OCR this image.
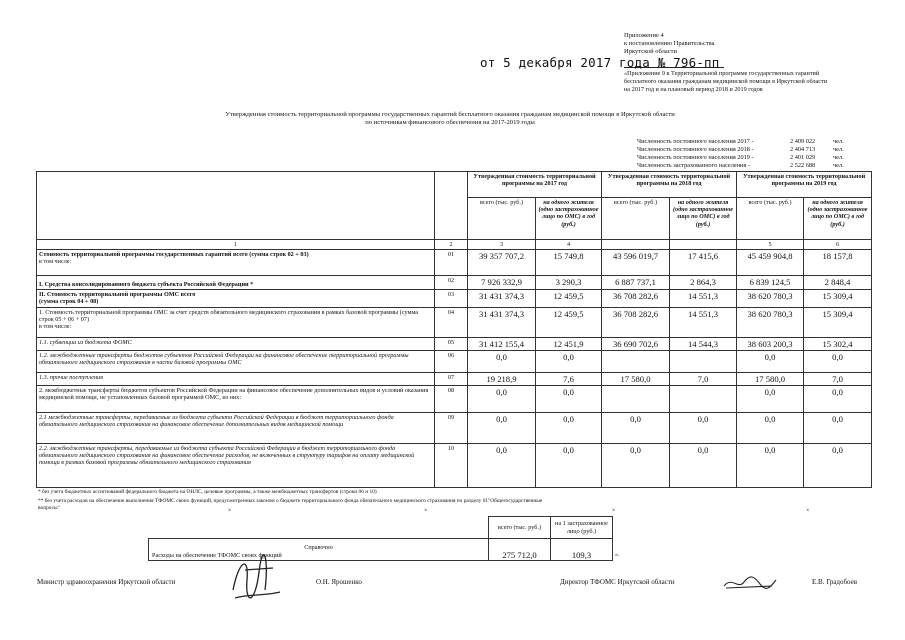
Приложение 4
к постановлению Правительства
Иркутской области
от 5 декабря 2017 года № 796-пп
«Приложение 9 к Территориальной программе государственных гарантий
бесплатного оказания гражданам медицинской помощи в Иркутской области
на 2017 год и на плановый период 2018 и 2019 годов
Утвержденная стоимость территориальной программы государственных гарантий бесплатного оказания гражданам медицинской помощи в Иркутской области
по источникам финансового обеспечения на 2017-2019 годы
Численность постоянного населения 2017 -	2 409 022	чел.
Численность постоянного населения 2018 -	2 404 713	чел.
Численность постоянного населения 2019 -	2 401 029	чел.
Численность застрахованного населения -	2 522 688	чел.
		Утвержденная стоимость территориальной программы на 2017 год		Утвержденная стоимость территориальной программы на 2018 год		Утвержденная стоимость территориальной программы на 2019 год	
		всего (тыс. руб.)	на одного жителя (одно застрахованное лицо по ОМС) в год (руб.)	всего (тыс. руб.)	на одного жителя (одно застрахованное лицо по ОМС) в год (руб.)	всего (тыс. руб.)	на одного жителя (одно застрахованное лицо по ОМС) в год (руб.)
1	2	3	4			5	6
Стоимость территориальной программы государственных гарантий всего (сумма строк 02 + 03)
в том числе:	01	39 357 707,2	15 749,8	43 596 019,7	17 415,6	45 459 904,8	18 157,8
I. Средства консолидированного бюджета субъекта Российской Федерации *	02	7 926 332,9	3 290,3	6 887 737,1	2 864,3	6 839 124,5	2 848,4
II. Стоимость территориальной программы ОМС всего
(сумма строк 04 + 08)	03	31 431 374,3	12 459,5	36 708 282,6	14 551,3	38 620 780,3	15 309,4
1. Стоимость территориальной программы ОМС за счет средств обязательного медицинского страхования в рамках базовой программы (сумма строк 05 + 06 + 07)
в том числе:	04	31 431 374,3	12 459,5	36 708 282,6	14 551,3	38 620 780,3	15 309,4
1.1. субвенции из бюджета ФОМС	05	31 412 155,4	12 451,9	36 690 702,6	14 544,3	38 603 200,3	15 302,4
1.2. межбюджетные трансферты бюджетов субъектов Российской Федерации на финансовое обеспечение территориальной программы обязательного медицинского страхования в части базовой программы ОМС	06	0,0	0,0			0,0	0,0
1.3. прочие поступления	07	19 218,9	7,6	17 580,0	7,0	17 580,0	7,0
2. межбюджетные трансферты бюджетов субъектов Российской Федерации на финансовое обеспечение дополнительных видов и условий оказания медицинской помощи, не установленных базовой программой ОМС, из них:	08	0,0	0,0			0,0	0,0
2.1 межбюджетные трансферты, передаваемые из бюджета субъекта Российской Федерации в бюджет территориального фонда обязательного медицинского страхования на финансовое обеспечение дополнительных видов медицинской помощи	09	0,0	0,0	0,0	0,0	0,0	0,0
2.2. межбюджетные трансферты, передаваемые из бюджета субъекта Российской Федерации в бюджет территориального фонда обязательного медицинского страхования на финансовое обеспечение расходов, не включенных в структуру тарифов на оплату медицинской помощи в рамках базовой программы обязательного медицинского страхования	10	0,0	0,0	0,0	0,0	0,0	0,0
* без учета бюджетных ассигнований федерального бюджета на ОНЛС, целевые программы, а также межбюджетных трансфертов (строки 06 и 10)
** без учета расходов на обеспечение выполнения ТФОМС своих функций, предусмотренных законом о бюджете территориального фонда обязательного медицинского страхования по разделу 01"Общегосударственные
вопросы"
	всего (тыс. руб.)	на 1 застрахованное лицо (руб.)

Справочно
Расходы на обеспечение ТФОМС своих функций	275 712,0	109,3	».
Министр здравоохранения Иркутской области	О.Н. Ярошенко	Директор ТФОМС Иркутской области	Е.В. Градобоев
×	×	×	×
